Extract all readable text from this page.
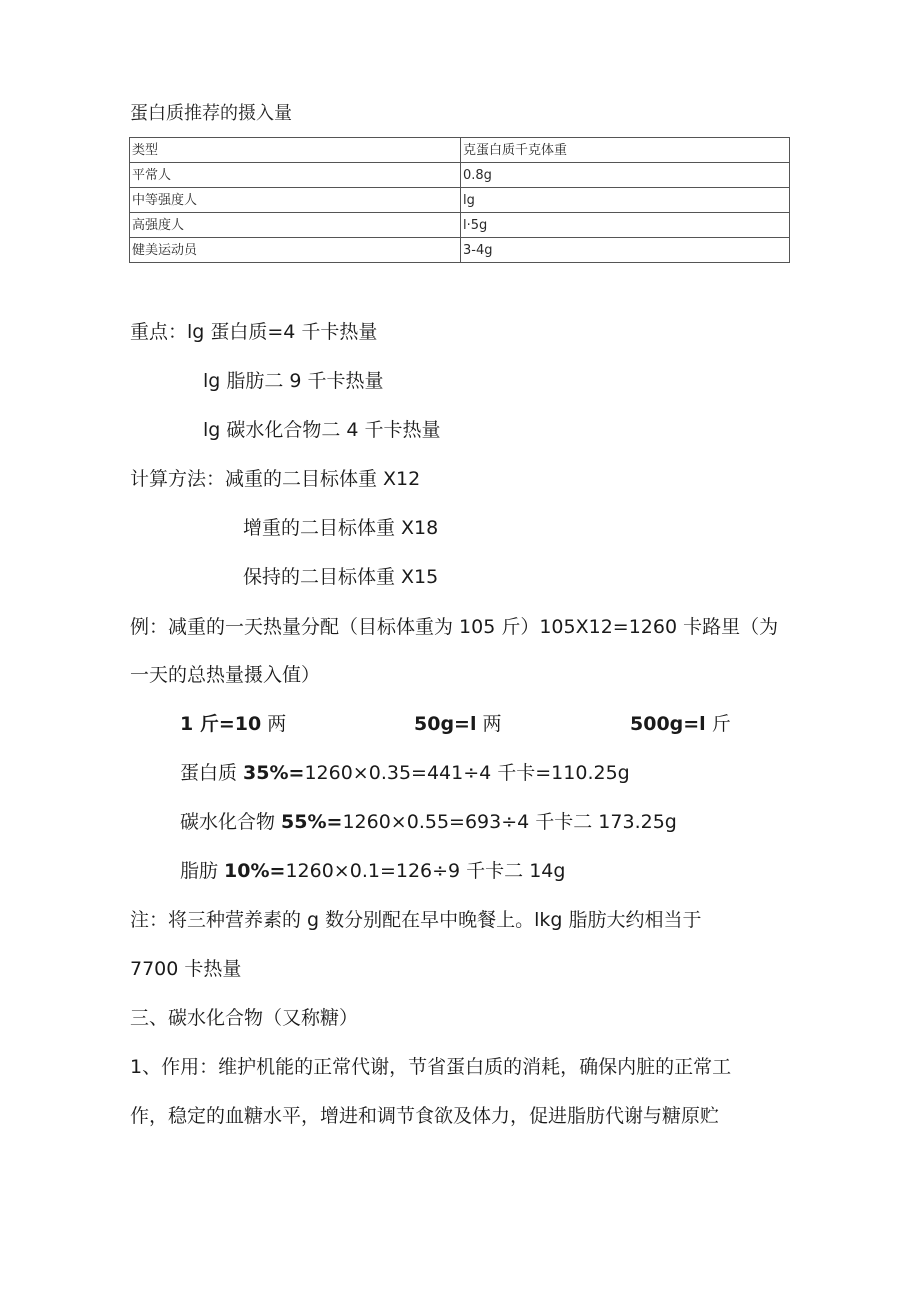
蛋白质推荐的摄入量
类型	克蛋白质千克体重
平常人	0.8g
中等强度人	lg
高强度人	l·5g
健美运动员	3-4g
重点：lg 蛋白质=4 千卡热量
lg 脂肪二 9 千卡热量
lg 碳水化合物二 4 千卡热量
计算方法：减重的二目标体重 X12
增重的二目标体重 X18
保持的二目标体重 X15
例：减重的一天热量分配（目标体重为 105 斤）105X12=1260 卡路里（为
一天的总热量摄入值）
1 斤=10 两	50g=l 两	500g=l 斤
蛋白质 35%=1260×0.35=441÷4 千卡=110.25g
碳水化合物 55%=1260×0.55=693÷4 千卡二 173.25g
脂肪 10%=1260×0.1=126÷9 千卡二 14g
注：将三种营养素的 g 数分别配在早中晚餐上。lkg 脂肪大约相当于
7700 卡热量
三、碳水化合物（又称糖）
1、作用：维护机能的正常代谢，节省蛋白质的消耗，确保内脏的正常工
作，稳定的血糖水平，增进和调节食欲及体力，促进脂肪代谢与糖原贮
